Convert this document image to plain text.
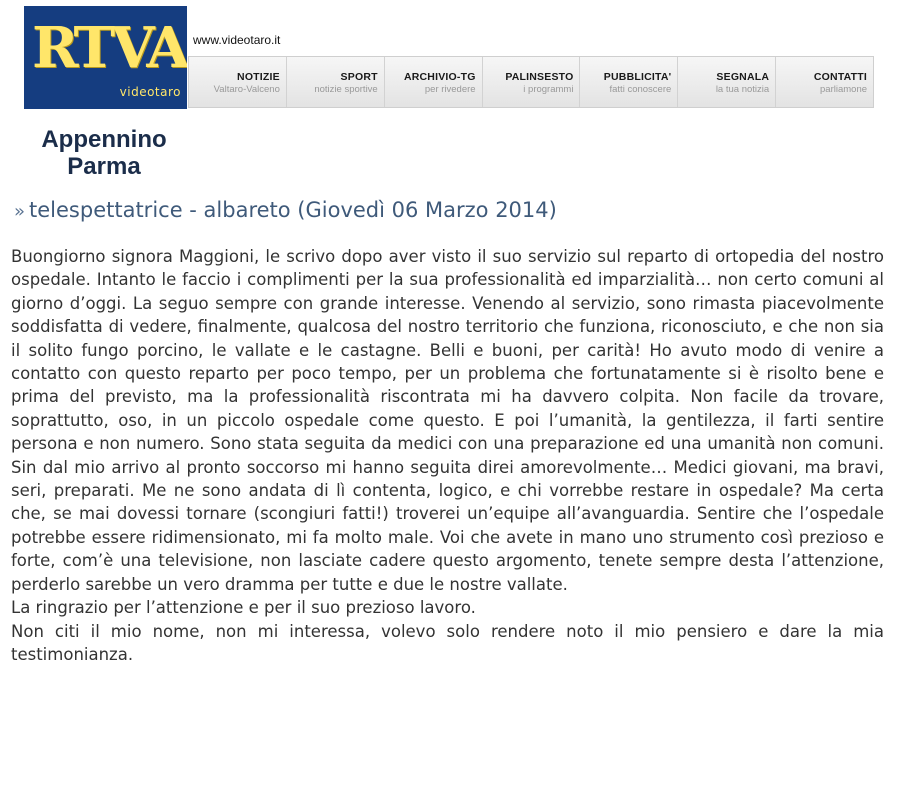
RTVA
videotaro
www.videotaro.it
NOTIZIE
Valtaro-Valceno
SPORT
notizie sportive
ARCHIVIO-TG
per rivedere
PALINSESTO
i programmi
PUBBLICITA'
fatti conoscere
SEGNALA
la tua notizia
CONTATTI
parliamone
Appennino
Parma
» telespettatrice - albareto (Giovedì 06 Marzo 2014)

Buongiorno signora Maggioni, le scrivo dopo aver visto il suo servizio sul reparto di ortopedia del nostro ospedale. Intanto le faccio i complimenti per la sua professionalità ed imparzialità… non certo comuni al giorno d’oggi. La seguo sempre con grande interesse. Venendo al servizio, sono rimasta piacevolmente soddisfatta di vedere, finalmente, qualcosa del nostro territorio che funziona, riconosciuto, e che non sia il solito fungo porcino, le vallate e le castagne. Belli e buoni, per carità! Ho avuto modo di venire a contatto con questo reparto per poco tempo, per un problema che fortunatamente si è risolto bene e prima del previsto, ma la professionalità riscontrata mi ha davvero colpita. Non facile da trovare, soprattutto, oso, in un piccolo ospedale come questo. E poi l’umanità, la gentilezza, il farti sentire persona e non numero. Sono stata seguita da medici con una preparazione ed una umanità non comuni. Sin dal mio arrivo al pronto soccorso mi hanno seguita direi amorevolmente… Medici giovani, ma bravi, seri, preparati. Me ne sono andata di lì contenta, logico, e chi vorrebbe restare in ospedale? Ma certa che, se mai dovessi tornare (scongiuri fatti!) troverei un’equipe all’avanguardia. Sentire che l’ospedale potrebbe essere ridimensionato, mi fa molto male. Voi che avete in mano uno strumento così prezioso e forte, com’è una televisione, non lasciate cadere questo argomento, tenete sempre desta l’attenzione, perderlo sarebbe un vero dramma per tutte e due le nostre vallate.

La ringrazio per l’attenzione e per il suo prezioso lavoro.

Non citi il mio nome, non mi interessa, volevo solo rendere noto il mio pensiero e dare la mia testimonianza.
